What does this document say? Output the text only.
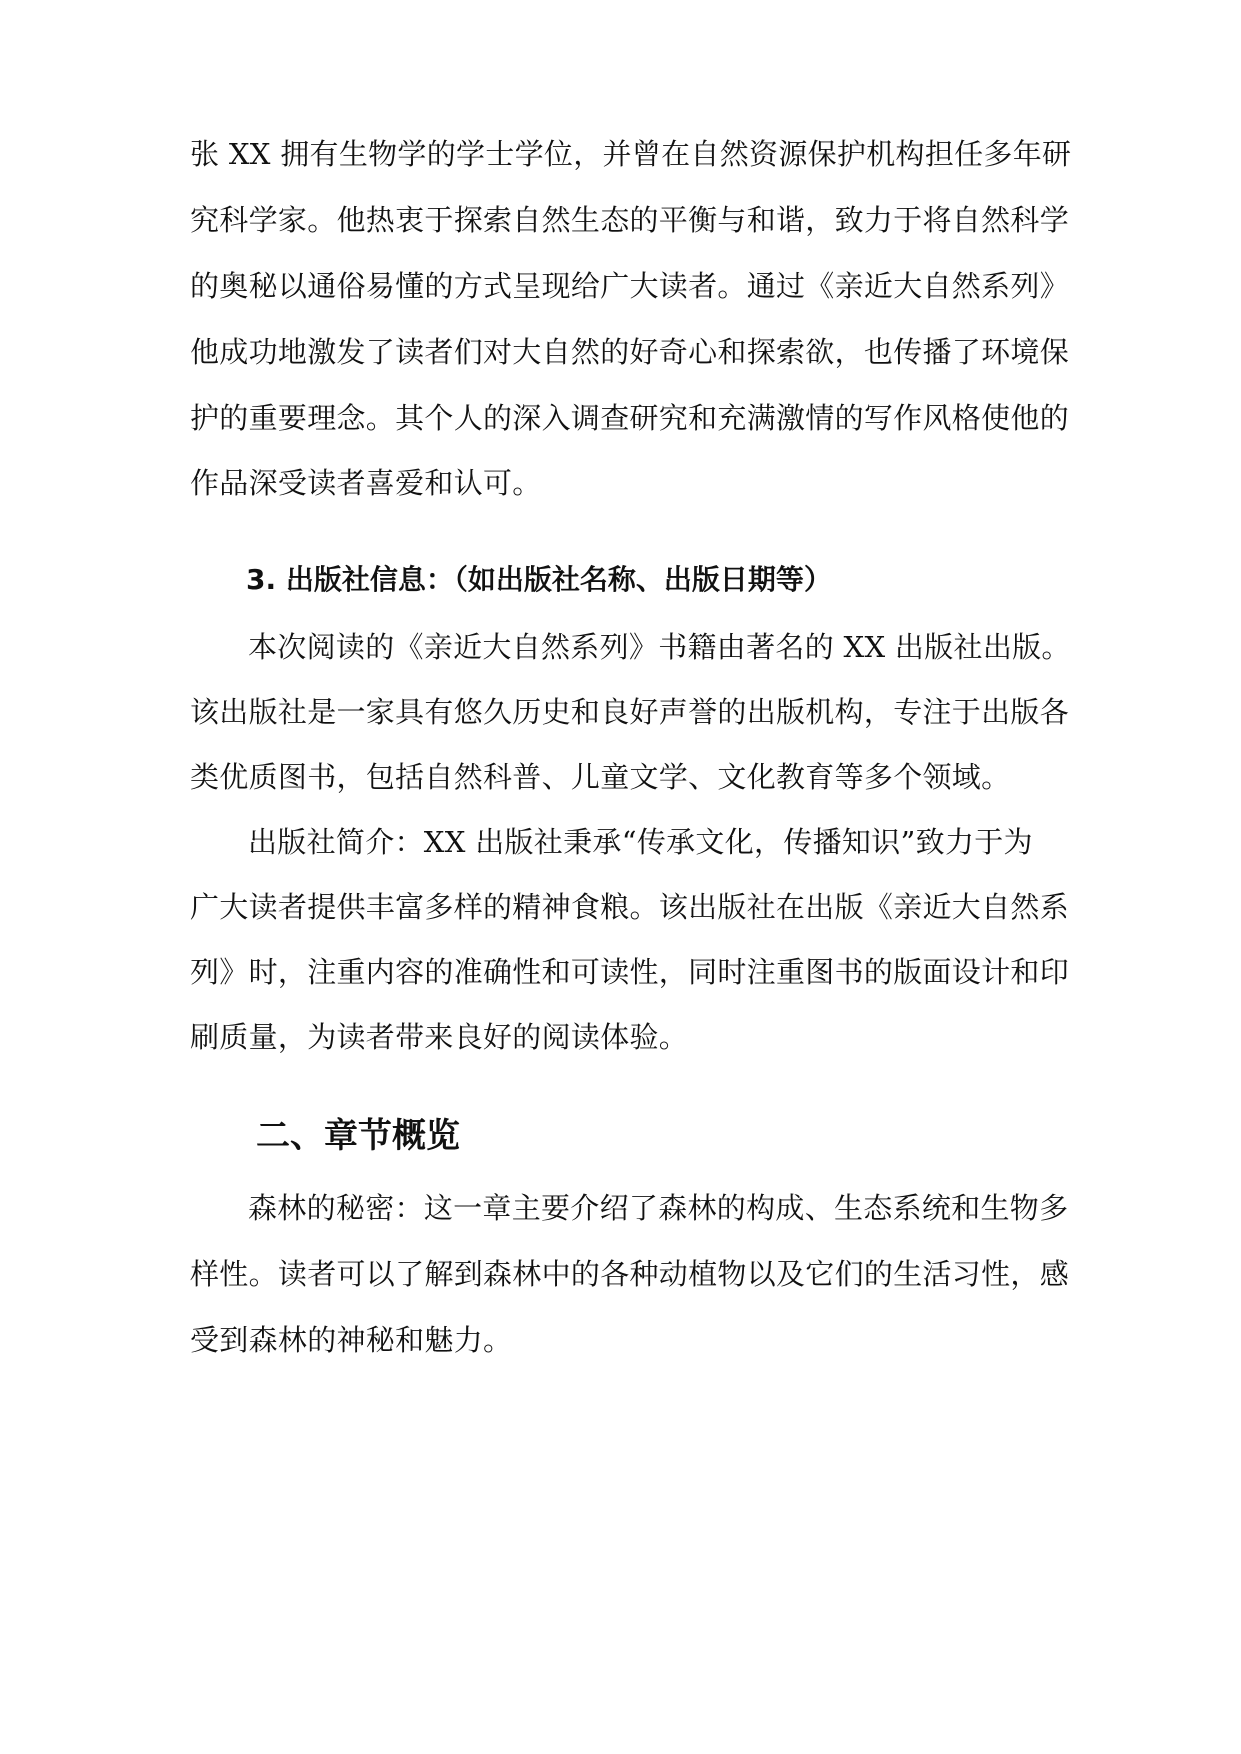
张 XX 拥有生物学的学士学位，并曾在自然资源保护机构担任多年研
究科学家。他热衷于探索自然生态的平衡与和谐，致力于将自然科学
的奥秘以通俗易懂的方式呈现给广大读者。通过《亲近大自然系列》
他成功地激发了读者们对大自然的好奇心和探索欲，也传播了环境保
护的重要理念。其个人的深入调查研究和充满激情的写作风格使他的
作品深受读者喜爱和认可。
3. 出版社信息：（如出版社名称、出版日期等）
本次阅读的《亲近大自然系列》书籍由著名的 XX 出版社出版。
该出版社是一家具有悠久历史和良好声誉的出版机构，专注于出版各
类优质图书，包括自然科普、儿童文学、文化教育等多个领域。
出版社简介：XX 出版社秉承“传承文化，传播知识”致力于为
广大读者提供丰富多样的精神食粮。该出版社在出版《亲近大自然系
列》时，注重内容的准确性和可读性，同时注重图书的版面设计和印
刷质量，为读者带来良好的阅读体验。
二、章节概览
森林的秘密：这一章主要介绍了森林的构成、生态系统和生物多
样性。读者可以了解到森林中的各种动植物以及它们的生活习性，感
受到森林的神秘和魅力。
